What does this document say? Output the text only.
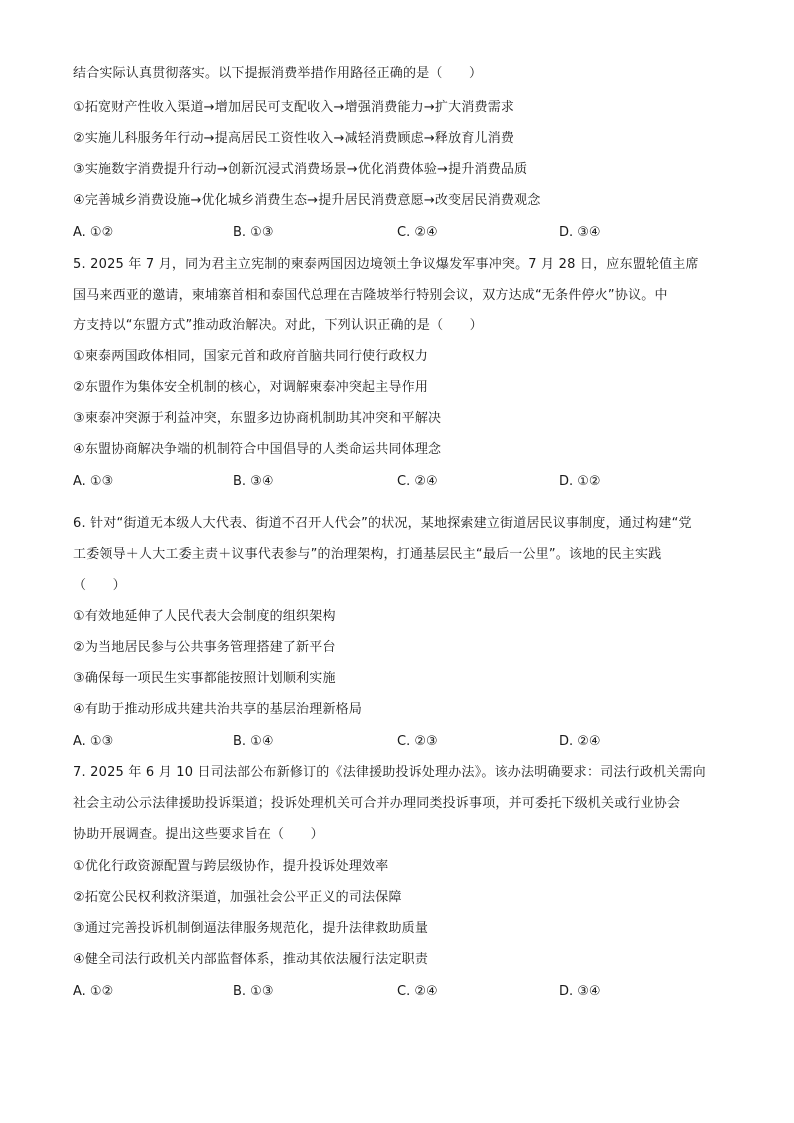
结合实际认真贯彻落实。以下提振消费举措作用路径正确的是（　　）
①拓宽财产性收入渠道→增加居民可支配收入→增强消费能力→扩大消费需求
②实施儿科服务年行动→提高居民工资性收入→减轻消费顾虑→释放育儿消费
③实施数字消费提升行动→创新沉浸式消费场景→优化消费体验→提升消费品质
④完善城乡消费设施→优化城乡消费生态→提升居民消费意愿→改变居民消费观念
A. ①②	B. ①③	C. ②④	D. ③④
5. 2025 年 7 月，同为君主立宪制的柬泰两国因边境领土争议爆发军事冲突。7 月 28 日，应东盟轮值主席
国马来西亚的邀请，柬埔寨首相和泰国代总理在吉隆坡举行特别会议，双方达成“无条件停火”协议。中
方支持以“东盟方式”推动政治解决。对此，下列认识正确的是（　　）
①柬泰两国政体相同，国家元首和政府首脑共同行使行政权力
②东盟作为集体安全机制的核心，对调解柬泰冲突起主导作用
③柬泰冲突源于利益冲突，东盟多边协商机制助其冲突和平解决
④东盟协商解决争端的机制符合中国倡导的人类命运共同体理念
A. ①③	B. ③④	C. ②④	D. ①②
6. 针对“街道无本级人大代表、街道不召开人代会”的状况，某地探索建立街道居民议事制度，通过构建“党
工委领导＋人大工委主责＋议事代表参与”的治理架构，打通基层民主“最后一公里”。该地的民主实践
（　　）
①有效地延伸了人民代表大会制度的组织架构
②为当地居民参与公共事务管理搭建了新平台
③确保每一项民生实事都能按照计划顺利实施
④有助于推动形成共建共治共享的基层治理新格局
A. ①③	B. ①④	C. ②③	D. ②④
7. 2025 年 6 月 10 日司法部公布新修订的《法律援助投诉处理办法》。该办法明确要求：司法行政机关需向
社会主动公示法律援助投诉渠道；投诉处理机关可合并办理同类投诉事项，并可委托下级机关或行业协会
协助开展调查。提出这些要求旨在（　　）
①优化行政资源配置与跨层级协作，提升投诉处理效率
②拓宽公民权利救济渠道，加强社会公平正义的司法保障
③通过完善投诉机制倒逼法律服务规范化，提升法律救助质量
④健全司法行政机关内部监督体系，推动其依法履行法定职责
A. ①②	B. ①③	C. ②④	D. ③④
